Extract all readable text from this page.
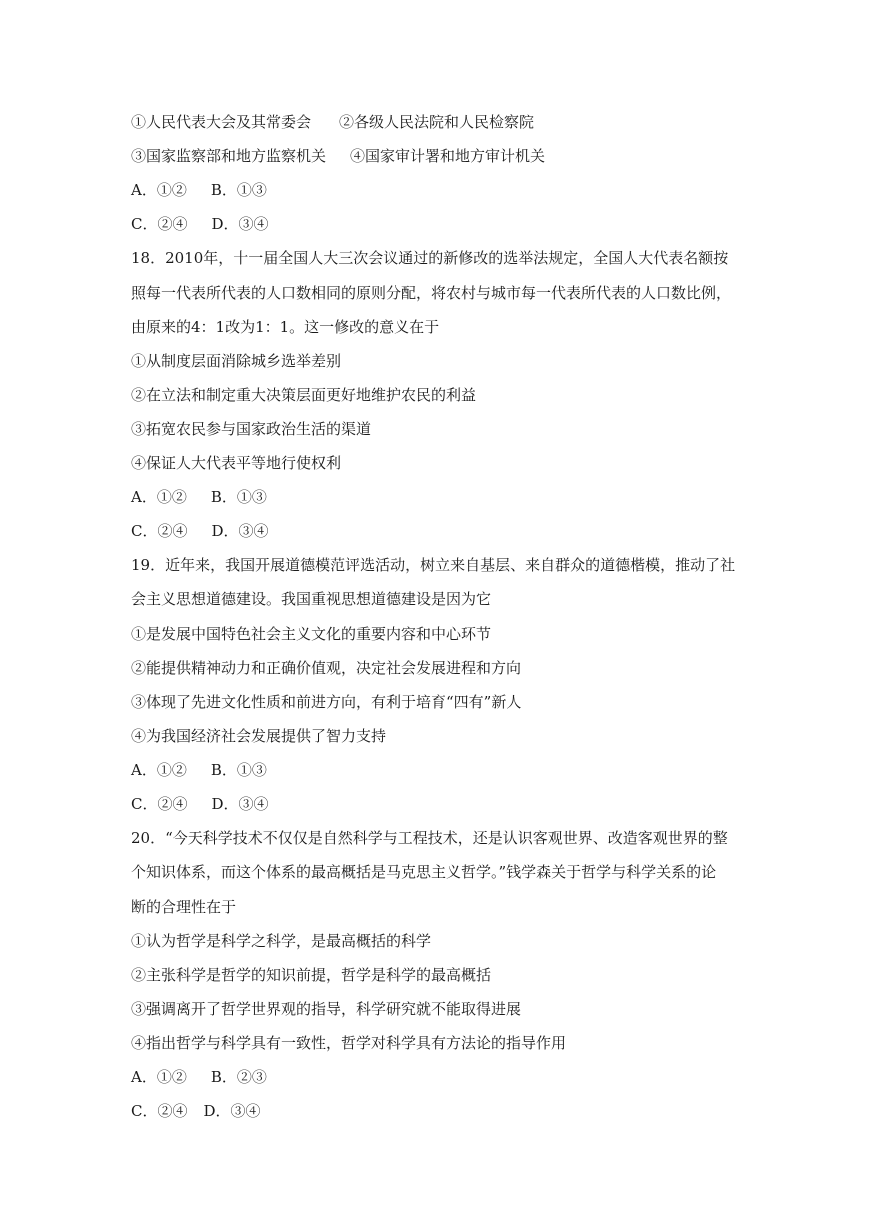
①人民代表大会及其常委会 ②各级人民法院和人民检察院
③国家监察部和地方监察机关 ④国家审计署和地方审计机关
A．①② B．①③
C．②④ D．③④
18．2010年，十一届全国人大三次会议通过的新修改的选举法规定，全国人大代表名额按
照每一代表所代表的人口数相同的原则分配，将农村与城市每一代表所代表的人口数比例，
由原来的4：1改为1：1。这一修改的意义在于
①从制度层面消除城乡选举差别
②在立法和制定重大决策层面更好地维护农民的利益
③拓宽农民参与国家政治生活的渠道
④保证人大代表平等地行使权利
A．①② B．①③
C．②④ D．③④
19．近年来，我国开展道德模范评选活动，树立来自基层、来自群众的道德楷模，推动了社
会主义思想道德建设。我国重视思想道德建设是因为它
①是发展中国特色社会主义文化的重要内容和中心环节
②能提供精神动力和正确价值观，决定社会发展进程和方向
③体现了先进文化性质和前进方向，有利于培育“四有”新人
④为我国经济社会发展提供了智力支持
A．①② B．①③
C．②④ D．③④
20．“今天科学技术不仅仅是自然科学与工程技术，还是认识客观世界、改造客观世界的整
个知识体系，而这个体系的最高概括是马克思主义哲学。”钱学森关于哲学与科学关系的论
断的合理性在于
①认为哲学是科学之科学，是最高概括的科学
②主张科学是哲学的知识前提，哲学是科学的最高概括
③强调离开了哲学世界观的指导，科学研究就不能取得进展
④指出哲学与科学具有一致性，哲学对科学具有方法论的指导作用
A．①② B．②③
C．②④ D．③④
